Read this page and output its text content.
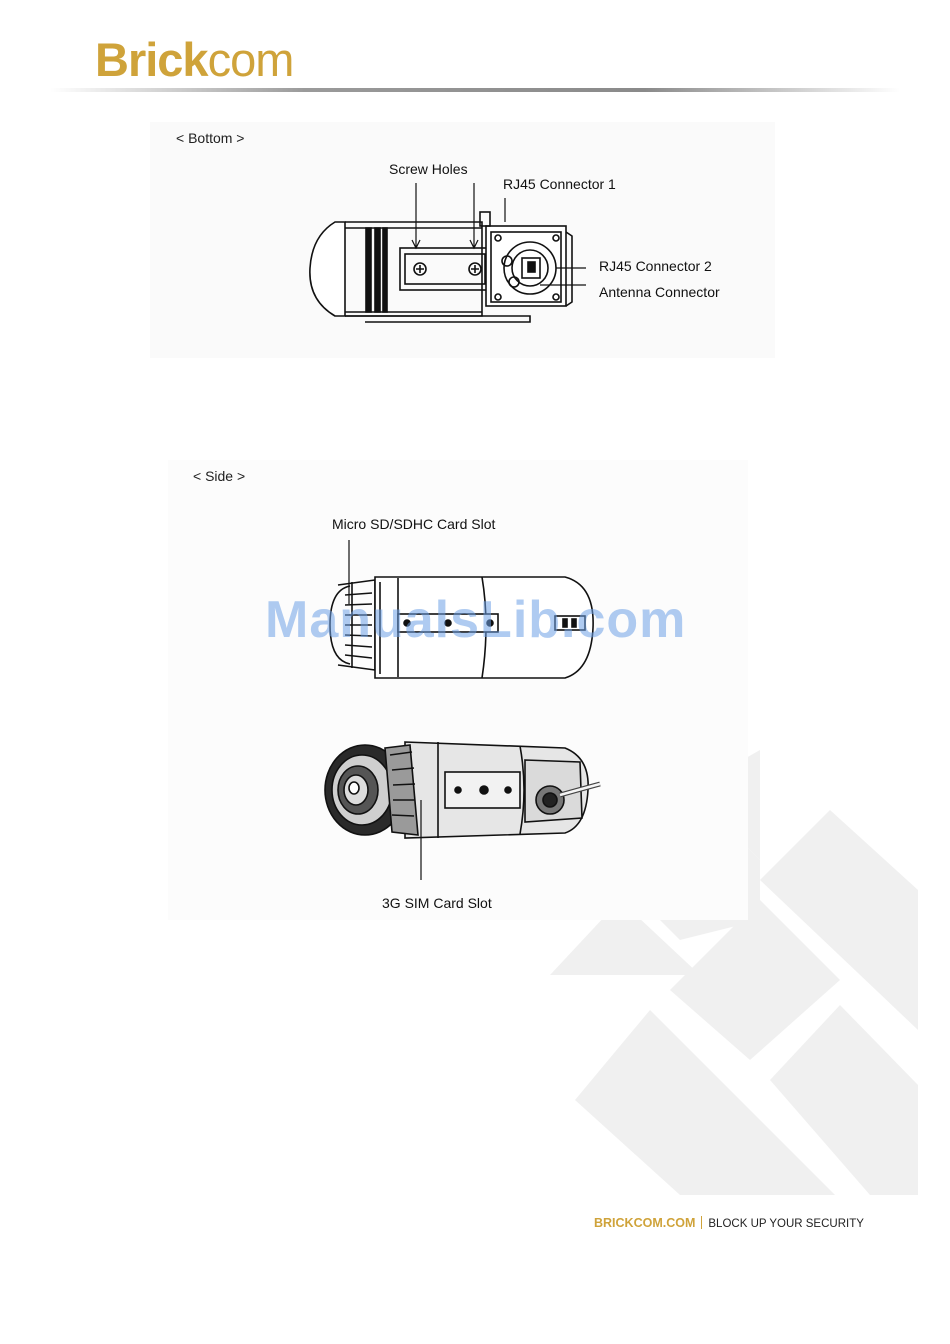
Brickcom
< Bottom >
< Side >
Screw Holes
RJ45 Connector 1
RJ45 Connector 2
Antenna Connector
Micro SD/SDHC Card Slot
3G SIM Card Slot
ManualsLib.com
BRICKCOM.COM BLOCK UP YOUR SECURITY
